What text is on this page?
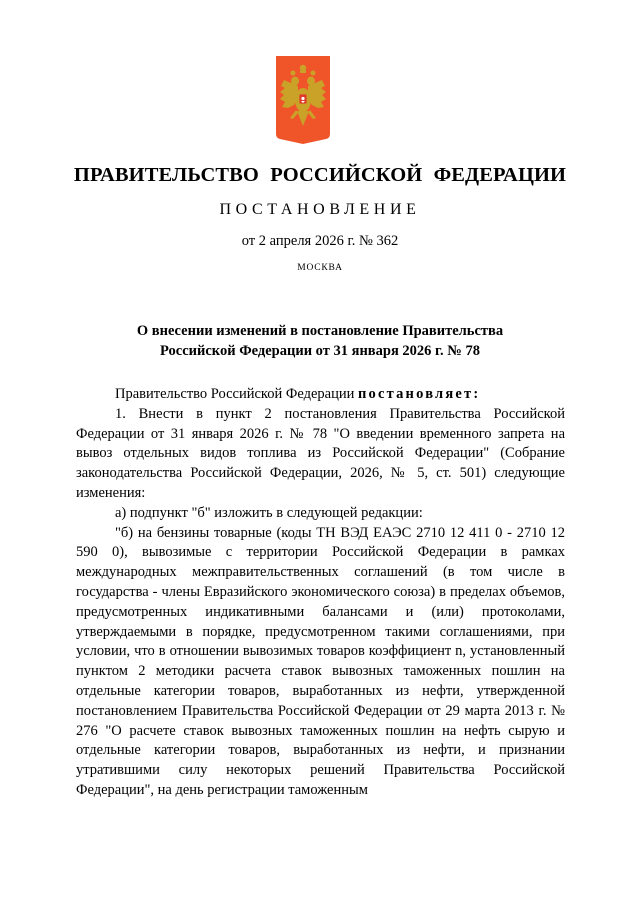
ПРАВИТЕЛЬСТВО РОССИЙСКОЙ ФЕДЕРАЦИИ
ПОСТАНОВЛЕНИЕ
от 2 апреля 2026 г. № 362
МОСКВА
О внесении изменений в постановление Правительства
Российской Федерации от 31 января 2026 г. № 78

Правительство Российской Федерации постановляет:

1. Внести в пункт 2 постановления Правительства Российской Федерации от 31 января 2026 г. № 78 "О введении временного запрета на вывоз отдельных видов топлива из Российской Федерации" (Собрание законодательства Российской Федерации, 2026, № 5, ст. 501) следующие изменения:

а) подпункт "б" изложить в следующей редакции:

"б) на бензины товарные (коды ТН ВЭД ЕАЭС 2710 12 411 0 - 2710 12 590 0), вывозимые с территории Российской Федерации в рамках международных межправительственных соглашений (в том числе в государства - члены Евразийского экономического союза) в пределах объемов, предусмотренных индикативными балансами и (или) протоколами, утверждаемыми в порядке, предусмотренном такими соглашениями, при условии, что в отношении вывозимых товаров коэффициент n, установленный пунктом 2 методики расчета ставок вывозных таможенных пошлин на отдельные категории товаров, выработанных из нефти, утвержденной постановлением Правительства Российской Федерации от 29 марта 2013 г. № 276 "О расчете ставок вывозных таможенных пошлин на нефть сырую и отдельные категории товаров, выработанных из нефти, и признании утратившими силу некоторых решений Правительства Российской Федерации", на день регистрации таможенным
